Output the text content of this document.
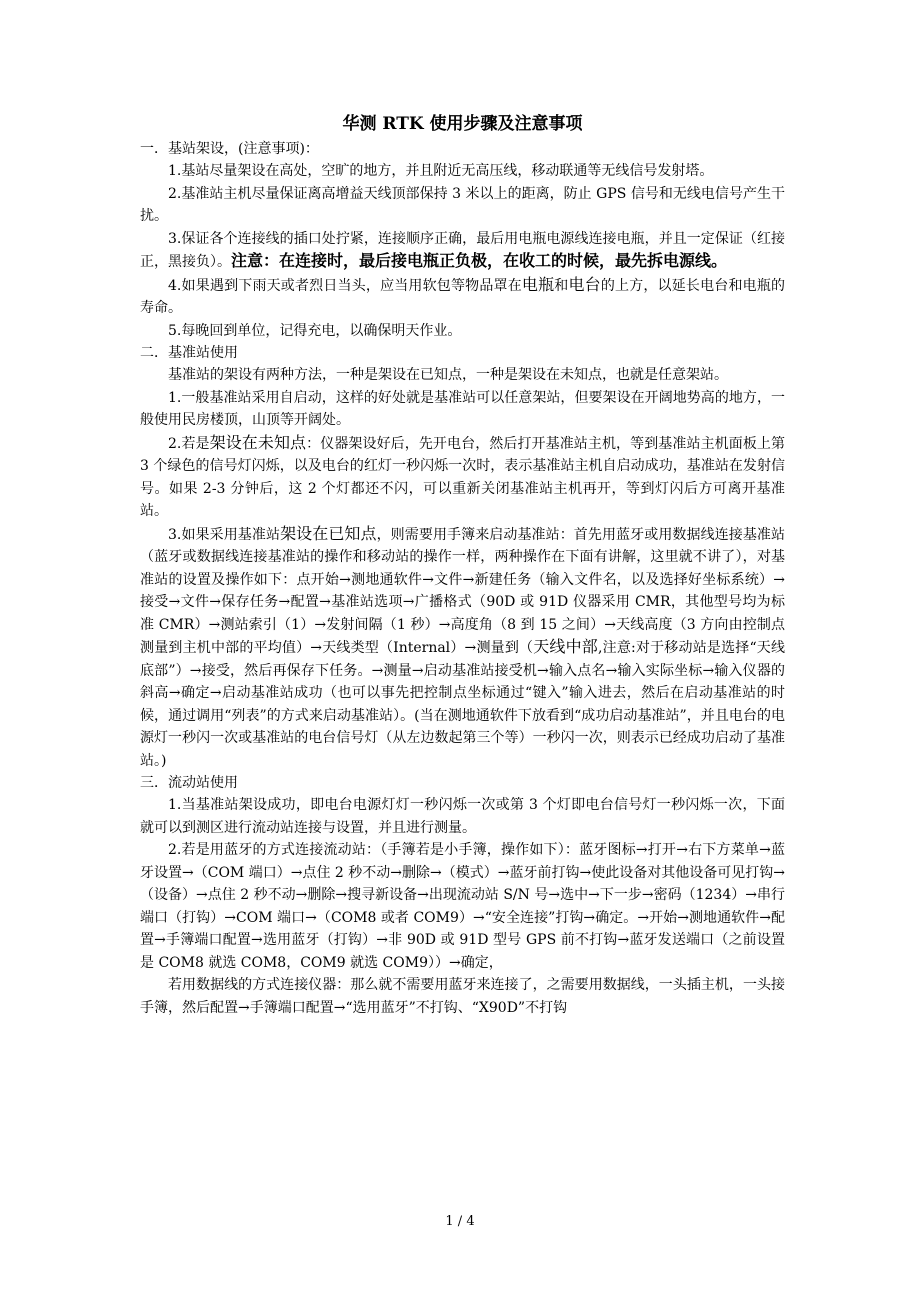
华测 RTK 使用步骤及注意事项

一．基站架设，(注意事项)：

1.基站尽量架设在高处，空旷的地方，并且附近无高压线，移动联通等无线信号发射塔。

2.基准站主机尽量保证离高增益天线顶部保持 3 米以上的距离，防止 GPS 信号和无线电信号产生干扰。

3.保证各个连接线的插口处拧紧，连接顺序正确，最后用电瓶电源线连接电瓶，并且一定保证（红接正，黑接负）。注意：在连接时，最后接电瓶正负极，在收工的时候，最先拆电源线。

4.如果遇到下雨天或者烈日当头，应当用软包等物品罩在电瓶和电台的上方，以延长电台和电瓶的寿命。

5.每晚回到单位，记得充电，以确保明天作业。

二．基准站使用

基准站的架设有两种方法，一种是架设在已知点，一种是架设在未知点，也就是任意架站。

1.一般基准站采用自启动，这样的好处就是基准站可以任意架站，但要架设在开阔地势高的地方，一般使用民房楼顶，山顶等开阔处。

2.若是架设在未知点：仪器架设好后，先开电台，然后打开基准站主机，等到基准站主机面板上第 3 个绿色的信号灯闪烁，以及电台的红灯一秒闪烁一次时，表示基准站主机自启动成功，基准站在发射信号。如果 2-3 分钟后，这 2 个灯都还不闪，可以重新关闭基准站主机再开，等到灯闪后方可离开基准站。

3.如果采用基准站架设在已知点，则需要用手簿来启动基准站：首先用蓝牙或用数据线连接基准站（蓝牙或数据线连接基准站的操作和移动站的操作一样，两种操作在下面有讲解，这里就不讲了），对基准站的设置及操作如下：点开始→测地通软件→文件→新建任务（输入文件名，以及选择好坐标系统）→接受→文件→保存任务→配置→基准站选项→广播格式（90D 或 91D 仪器采用 CMR，其他型号均为标准 CMR）→测站索引（1）→发射间隔（1 秒）→高度角（8 到 15 之间）→天线高度（3 方向由控制点测量到主机中部的平均值）→天线类型（Internal）→测量到（天线中部,注意:对于移动站是选择“天线底部”）→接受，然后再保存下任务。→测量→启动基准站接受机→输入点名→输入实际坐标→输入仪器的斜高→确定→启动基准站成功（也可以事先把控制点坐标通过“键入”输入进去，然后在启动基准站的时候，通过调用“列表”的方式来启动基准站）。(当在测地通软件下放看到“成功启动基准站”，并且电台的电源灯一秒闪一次或基准站的电台信号灯（从左边数起第三个等）一秒闪一次，则表示已经成功启动了基准站。)

三．流动站使用

1.当基准站架设成功，即电台电源灯灯一秒闪烁一次或第 3 个灯即电台信号灯一秒闪烁一次，下面就可以到测区进行流动站连接与设置，并且进行测量。

2.若是用蓝牙的方式连接流动站：（手簿若是小手簿，操作如下）：蓝牙图标→打开→右下方菜单→蓝牙设置→（COM 端口）→点住 2 秒不动→删除→（模式）→蓝牙前打钩→使此设备对其他设备可见打钩→（设备）→点住 2 秒不动→删除→搜寻新设备→出现流动站 S/N 号→选中→下一步→密码（1234）→串行端口（打钩）→COM 端口→（COM8 或者 COM9）→“安全连接”打钩→确定。→开始→测地通软件→配置→手簿端口配置→选用蓝牙（打钩）→非 90D 或 91D 型号 GPS 前不打钩→蓝牙发送端口（之前设置是 COM8 就选 COM8，COM9 就选 COM9））→确定，

若用数据线的方式连接仪器：那么就不需要用蓝牙来连接了，之需要用数据线，一头插主机，一头接手簿，然后配置→手簿端口配置→“选用蓝牙”不打钩、“X90D”不打钩

1 / 4
